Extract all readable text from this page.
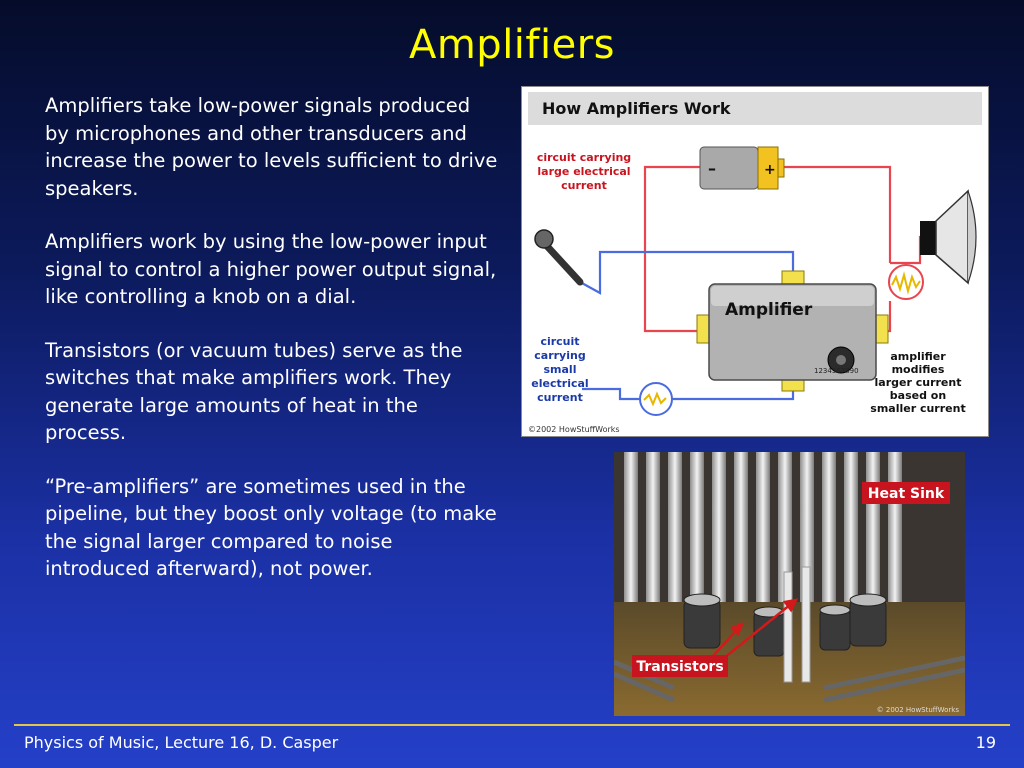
Amplifiers

Amplifiers take low-power signals produced by microphones and other transducers and increase the power to levels sufficient to drive speakers.

Amplifiers work by using the low-power input signal to control a higher power output signal, like controlling a knob on a dial.

Transistors (or vacuum tubes) serve as the switches that make amplifiers work. They generate large amounts of heat in the process.

“Pre-amplifiers” are sometimes used in the pipeline, but they boost only voltage (to make the signal larger compared to noise introduced afterward), not power.

How Amplifiers Work
–	+
Amplifier
1234567890
circuit carrying
large electrical
current
circuit
carrying
small
electrical
current
amplifier
modifies
larger current
based on
smaller current
©2002 HowStuffWorks
Heat Sink
Transistors
© 2002 HowStuffWorks
Physics of Music, Lecture 16, D. Casper	19
